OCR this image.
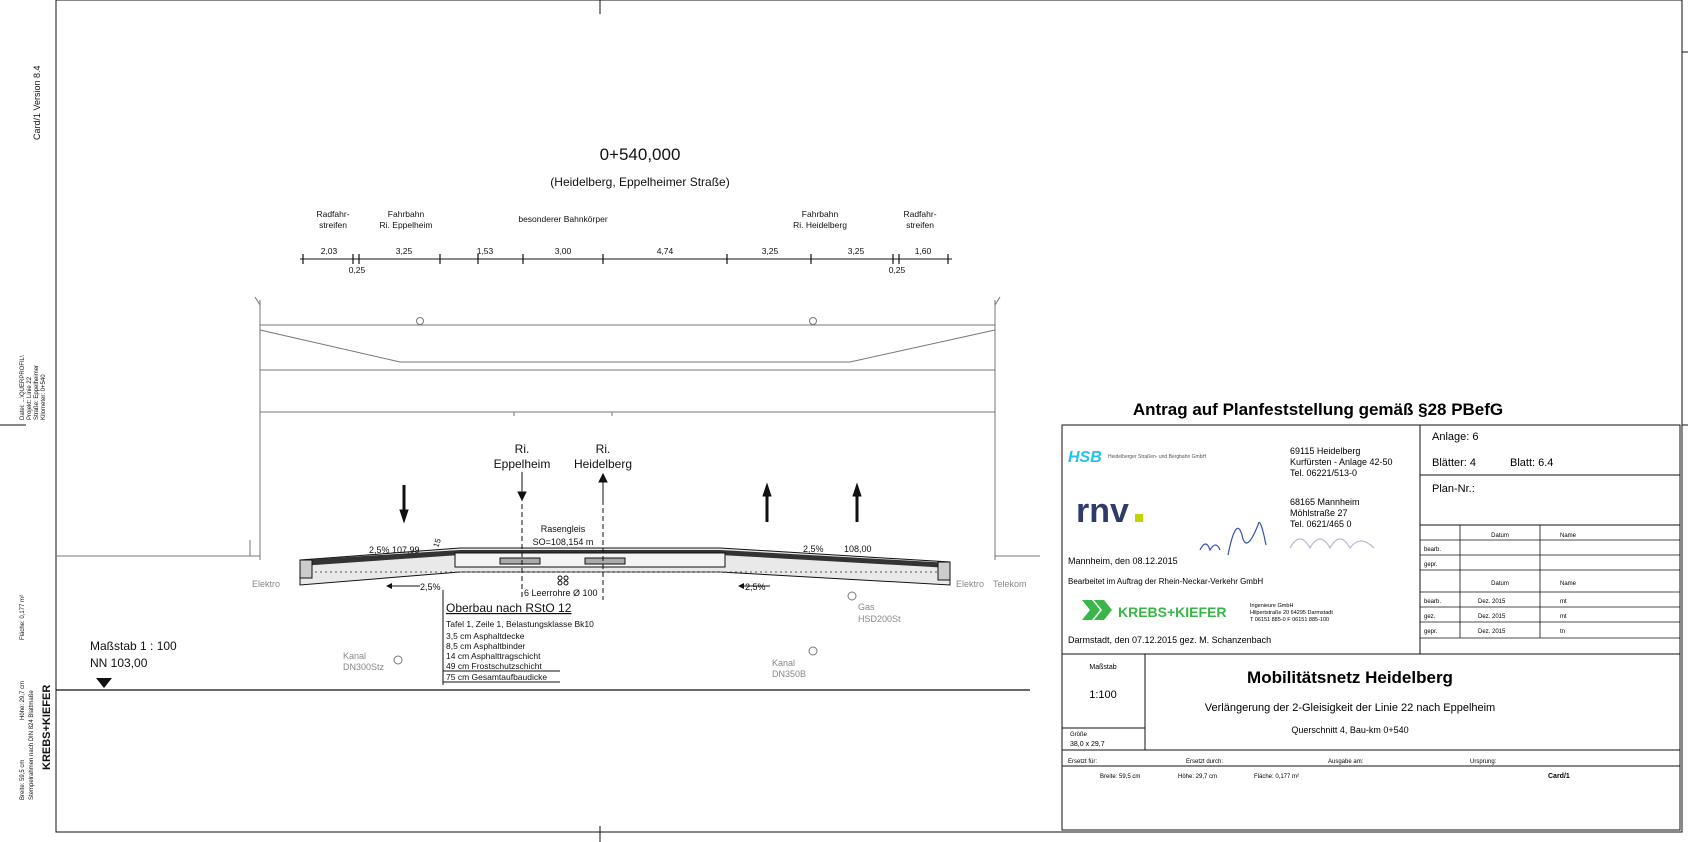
Card/1 Version 8.4
Datei: ...\QUERPROFIL\ Projekt: Linie 22 Straße: Eppelheimer Kilometer: 0+540
Fläche: 0,177 m²
Höhe: 29,7 cm
Breite: 59,5 cm Stempelrahmen nach DIN 824 Blattmaße KREBS+KIEFER
0+540,000
(Heidelberg, Eppelheimer Straße)
Radfahr-
streifen
Fahrbahn
Ri. Eppelheim
besonderer Bahnkörper	Fahrbahn
Ri. Heidelberg
Radfahr-
streifen
2,03	3,25	1,53	3,00	4,74	3,25	3,25	1,60
0,25	0,25
Ri.
Eppelheim
Ri.
Heidelberg
2,5% 107,99
15
Rasengleis
SO=108,154 m
2,5% 108,00
2,5%	2,5%
6 Leerrohre Ø 100
Elektro	Elektro Telekom
Gas
HSD200St
Kanal
DN300Stz	Kanal
DN350B
Oberbau nach RStO 12
Tafel 1, Zeile 1, Belastungsklasse Bk10
3,5 cm Asphaltdecke
8,5 cm Asphaltbinder
14 cm Asphalttragschicht
49 cm Frostschutzschicht
75 cm Gesamtaufbaudicke
Maßstab 1 : 100
NN 103,00
Antrag auf Planfeststellung gemäß §28 PBefG
Anlage: 6
Blätter: 4	Blatt: 6.4
Plan-Nr.:
Datum	Name
bearb.
gepr.
Datum	Name
bearb.	Dez. 2015	mt
gez.	Dez. 2015	mt
gepr.	Dez. 2015	tn
HSB Heidelberger Straßen- und Bergbahn GmbH
69115 Heidelberg
Kurfürsten - Anlage 42-50
Tel. 06221/513-0
rnv	68165 Mannheim
Möhlstraße 27
Tel. 0621/465 0
Mannheim, den 08.12.2015
Bearbeitet im Auftrag der Rhein-Neckar-Verkehr GmbH
KREBS+KIEFER	Ingenieure GmbH
Hilpertstraße 20 64295 Darmstadt
T 06151 885-0 F 06151 885-100
Darmstadt, den 07.12.2015 gez. M. Schanzenbach
Maßstab
1:100
Größe
38,0 x 29,7
Mobilitätsnetz Heidelberg
Verlängerung der 2-Gleisigkeit der Linie 22 nach Eppelheim
Querschnitt 4, Bau-km 0+540
Ersetzt für:	Ersetzt durch:	Ausgabe am:	Ursprung:
Breite: 59,5 cm	Höhe: 29,7 cm	Fläche: 0,177 m²	Card/1
